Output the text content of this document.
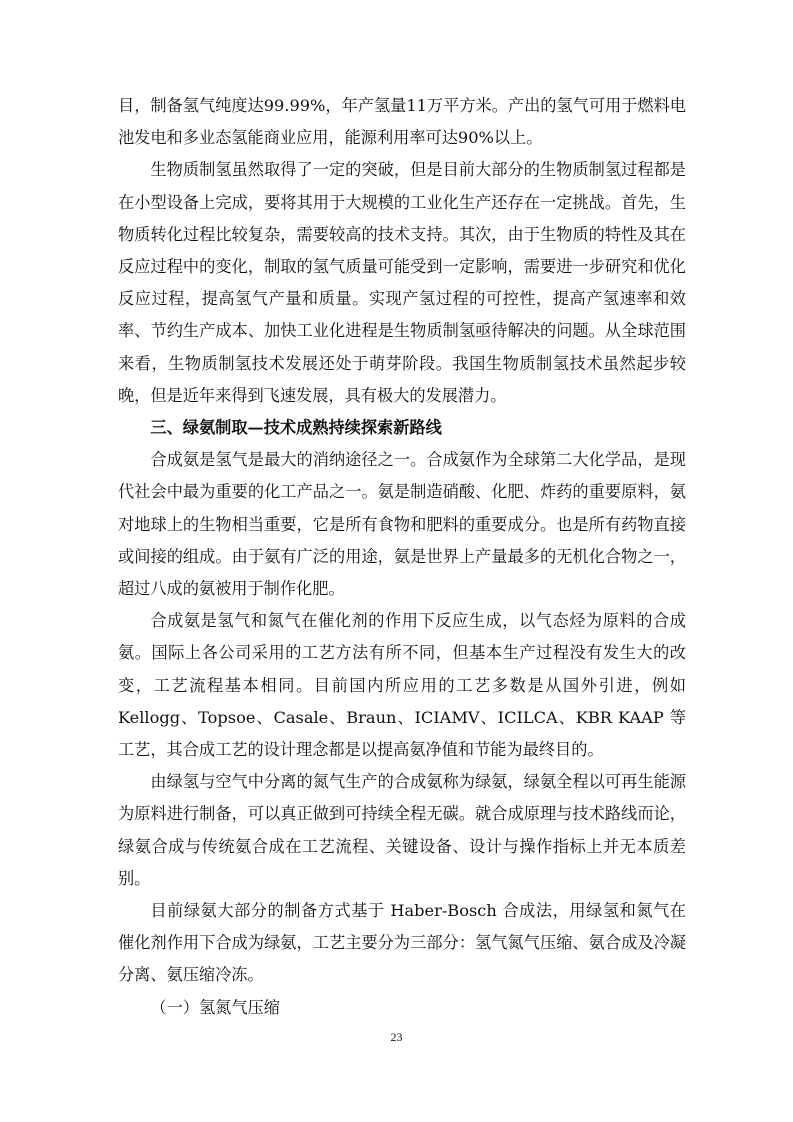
目，制备氢气纯度达99.99%，年产氢量11万平方米。产出的氢气可用于燃料电池发电和多业态氢能商业应用，能源利用率可达90%以上。

生物质制氢虽然取得了一定的突破，但是目前大部分的生物质制氢过程都是在小型设备上完成，要将其用于大规模的工业化生产还存在一定挑战。首先，生物质转化过程比较复杂，需要较高的技术支持。其次，由于生物质的特性及其在反应过程中的变化，制取的氢气质量可能受到一定影响，需要进一步研究和优化反应过程，提高氢气产量和质量。实现产氢过程的可控性，提高产氢速率和效率、节约生产成本、加快工业化进程是生物质制氢亟待解决的问题。从全球范围来看，生物质制氢技术发展还处于萌芽阶段。我国生物质制氢技术虽然起步较晚，但是近年来得到飞速发展，具有极大的发展潜力。

三、绿氨制取—技术成熟持续探索新路线

合成氨是氢气是最大的消纳途径之一。合成氨作为全球第二大化学品，是现代社会中最为重要的化工产品之一。氨是制造硝酸、化肥、炸药的重要原料，氨对地球上的生物相当重要，它是所有食物和肥料的重要成分。也是所有药物直接或间接的组成。由于氨有广泛的用途，氨是世界上产量最多的无机化合物之一，超过八成的氨被用于制作化肥。

合成氨是氢气和氮气在催化剂的作用下反应生成，以气态烃为原料的合成氨。国际上各公司采用的工艺方法有所不同，但基本生产过程没有发生大的改变，工艺流程基本相同。目前国内所应用的工艺多数是从国外引进，例如 Kellogg、Topsoe、Casale、Braun、ICIAMV、ICILCA、KBR KAAP 等工艺，其合成工艺的设计理念都是以提高氨净值和节能为最终目的。

由绿氢与空气中分离的氮气生产的合成氨称为绿氨，绿氨全程以可再生能源为原料进行制备，可以真正做到可持续全程无碳。就合成原理与技术路线而论，绿氨合成与传统氨合成在工艺流程、关键设备、设计与操作指标上并无本质差别。

目前绿氨大部分的制备方式基于 Haber-Bosch 合成法，用绿氢和氮气在催化剂作用下合成为绿氨，工艺主要分为三部分：氢气氮气压缩、氨合成及冷凝分离、氨压缩冷冻。

（一）氢氮气压缩

23
